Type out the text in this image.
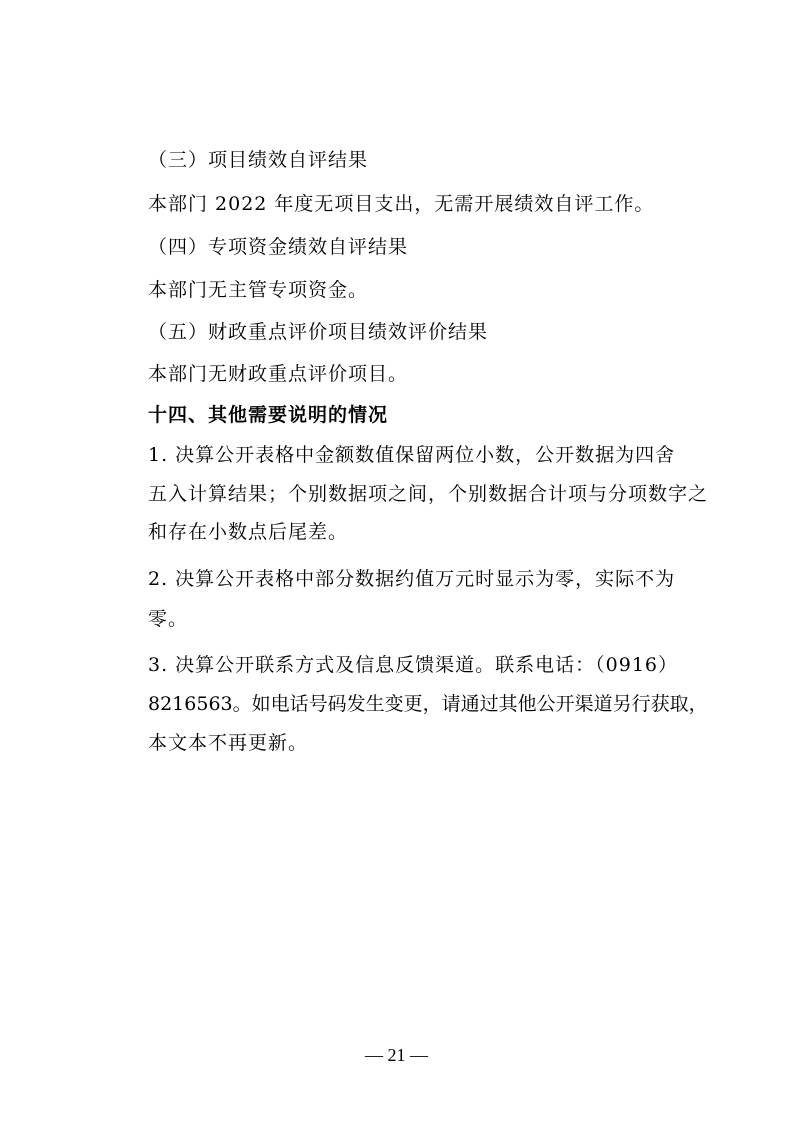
（三）项目绩效自评结果
本部门 2022 年度无项目支出，无需开展绩效自评工作。
（四）专项资金绩效自评结果
本部门无主管专项资金。
（五）财政重点评价项目绩效评价结果
本部门无财政重点评价项目。
十四、其他需要说明的情况
1. 决算公开表格中金额数值保留两位小数，公开数据为四舍
五入计算结果；个别数据项之间，个别数据合计项与分项数字之
和存在小数点后尾差。
2. 决算公开表格中部分数据约值万元时显示为零，实际不为
零。
3. 决算公开联系方式及信息反馈渠道。联系电话：（0916）
8216563。如电话号码发生变更，请通过其他公开渠道另行获取，
本文本不再更新。
— 21 —
